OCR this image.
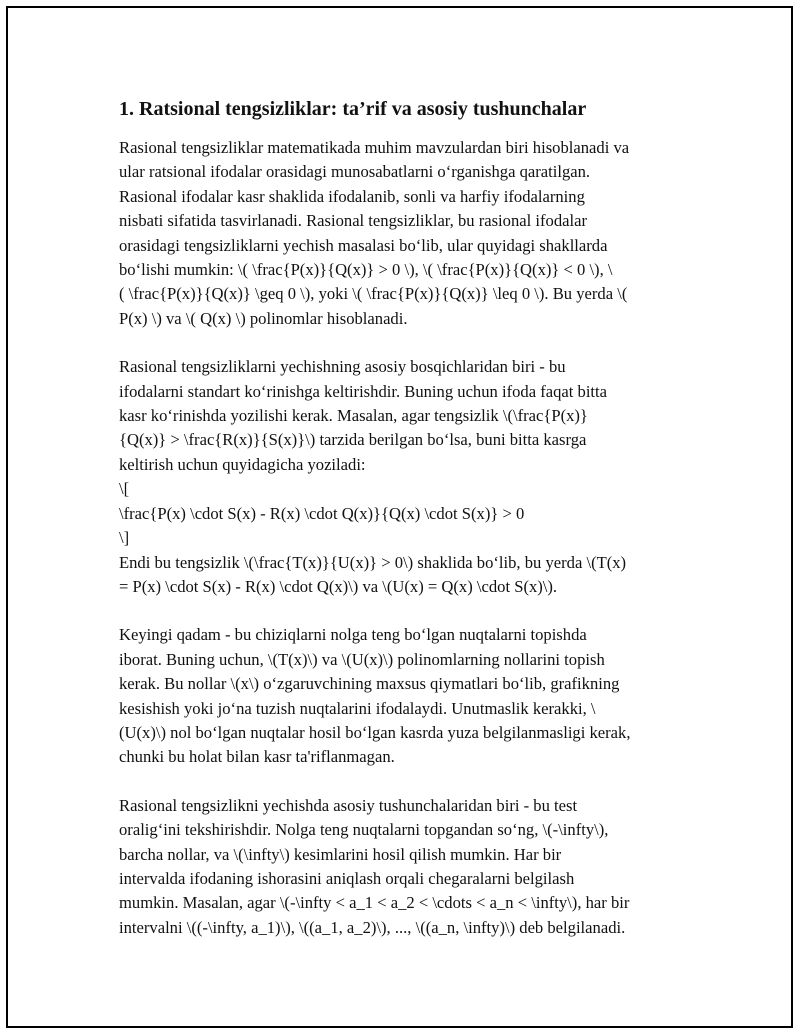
1. Ratsional tengsizliklar: ta’rif va asosiy tushunchalar

Rasional tengsizliklar matematikada muhim mavzulardan biri hisoblanadi va
ular ratsional ifodalar orasidagi munosabatlarni o‘rganishga qaratilgan.
Rasional ifodalar kasr shaklida ifodalanib, sonli va harfiy ifodalarning
nisbati sifatida tasvirlanadi. Rasional tengsizliklar, bu rasional ifodalar
orasidagi tengsizliklarni yechish masalasi bo‘lib, ular quyidagi shakllarda
bo‘lishi mumkin: \( \frac{P(x)}{Q(x)} > 0 \), \( \frac{P(x)}{Q(x)} < 0 \), \
( \frac{P(x)}{Q(x)} \geq 0 \), yoki \( \frac{P(x)}{Q(x)} \leq 0 \). Bu yerda \(
P(x) \) va \( Q(x) \) polinomlar hisoblanadi.

Rasional tengsizliklarni yechishning asosiy bosqichlaridan biri - bu
ifodalarni standart ko‘rinishga keltirishdir. Buning uchun ifoda faqat bitta
kasr ko‘rinishda yozilishi kerak. Masalan, agar tengsizlik \(\frac{P(x)}
{Q(x)} > \frac{R(x)}{S(x)}\) tarzida berilgan bo‘lsa, buni bitta kasrga
keltirish uchun quyidagicha yoziladi:
\[
\frac{P(x) \cdot S(x) - R(x) \cdot Q(x)}{Q(x) \cdot S(x)} > 0
\]
Endi bu tengsizlik \(\frac{T(x)}{U(x)} > 0\) shaklida bo‘lib, bu yerda \(T(x)
= P(x) \cdot S(x) - R(x) \cdot Q(x)\) va \(U(x) = Q(x) \cdot S(x)\).

Keyingi qadam - bu chiziqlarni nolga teng bo‘lgan nuqtalarni topishda
iborat. Buning uchun, \(T(x)\) va \(U(x)\) polinomlarning nollarini topish
kerak. Bu nollar \(x\) o‘zgaruvchining maxsus qiymatlari bo‘lib, grafikning
kesishish yoki jo‘na tuzish nuqtalarini ifodalaydi. Unutmaslik kerakki, \
(U(x)\) nol bo‘lgan nuqtalar hosil bo‘lgan kasrda yuza belgilanmasligi kerak,
chunki bu holat bilan kasr ta'riflanmagan.

Rasional tengsizlikni yechishda asosiy tushunchalaridan biri - bu test
oralig‘ini tekshirishdir. Nolga teng nuqtalarni topgandan so‘ng, \(-\infty\),
barcha nollar, va \(\infty\) kesimlarini hosil qilish mumkin. Har bir
intervalda ifodaning ishorasini aniqlash orqali chegaralarni belgilash
mumkin. Masalan, agar \(-\infty < a_1 < a_2 < \cdots < a_n < \infty\), har bir
intervalni \((-\infty, a_1)\), \((a_1, a_2)\), ..., \((a_n, \infty)\) deb belgilanadi.
